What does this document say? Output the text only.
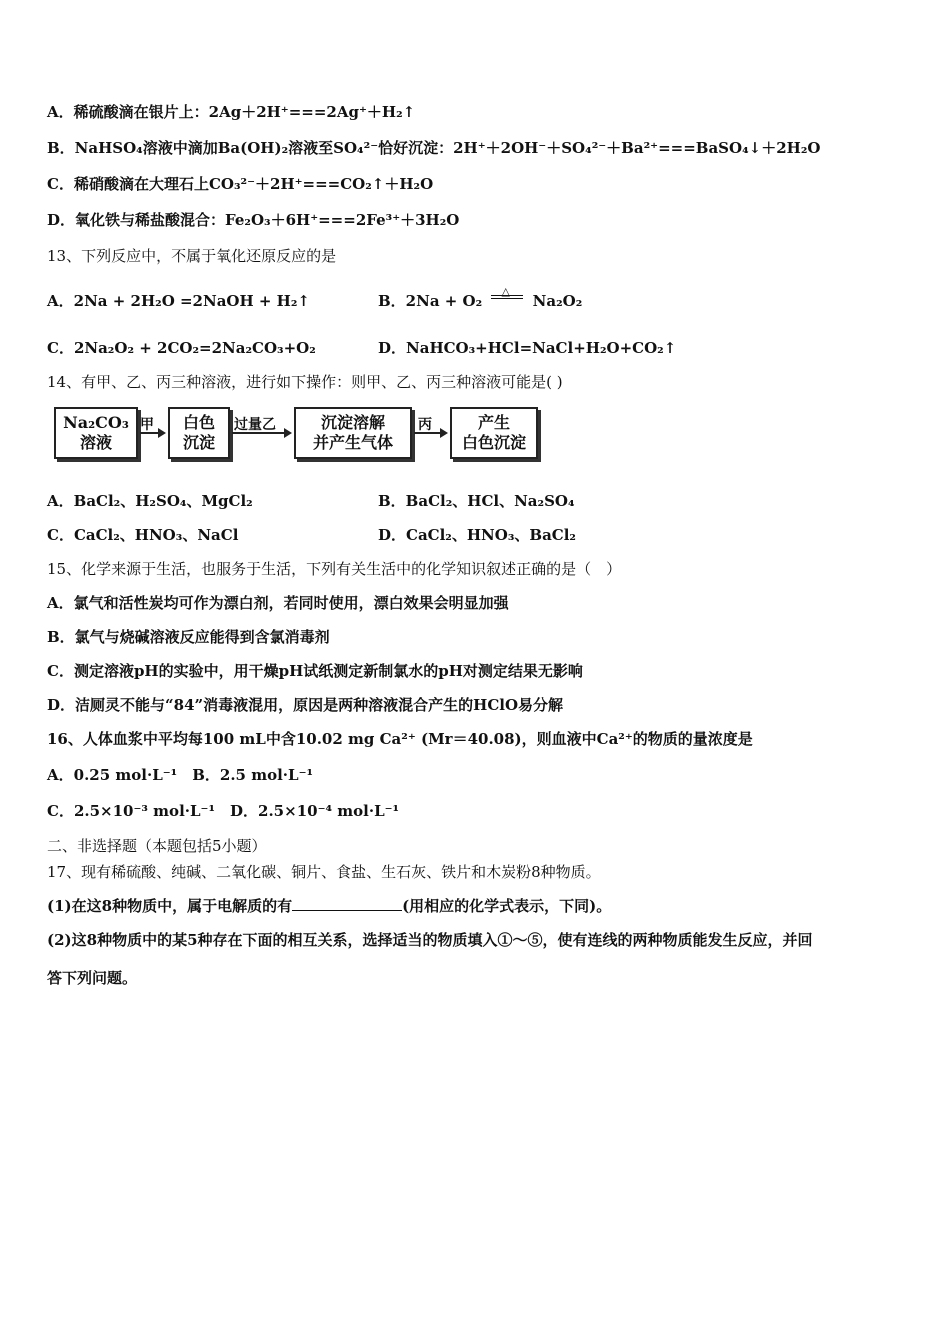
A．稀硫酸滴在银片上：2Ag＋2H⁺===2Ag⁺＋H₂↑
B．NaHSO₄溶液中滴加Ba(OH)₂溶液至SO₄²⁻恰好沉淀：2H⁺＋2OH⁻＋SO₄²⁻＋Ba²⁺===BaSO₄↓＋2H₂O
C．稀硝酸滴在大理石上CO₃²⁻＋2H⁺===CO₂↑＋H₂O
D．氧化铁与稀盐酸混合：Fe₂O₃＋6H⁺===2Fe³⁺＋3H₂O
13、下列反应中，不属于氧化还原反应的是
A．2Na + 2H₂O =2NaOH + H₂↑	B．2Na + O₂
△
Na₂O₂
C．2Na₂O₂ + 2CO₂=2Na₂CO₃+O₂	D．NaHCO₃+HCl=NaCl+H₂O+CO₂↑
14、有甲、乙、丙三种溶液，进行如下操作：则甲、乙、丙三种溶液可能是( )
Na₂CO₃
溶液
甲	白色
沉淀
过量乙	沉淀溶解
并产生气体
丙	产生
白色沉淀
A．BaCl₂、H₂SO₄、MgCl₂	B．BaCl₂、HCl、Na₂SO₄
C．CaCl₂、HNO₃、NaCl	D．CaCl₂、HNO₃、BaCl₂
15、化学来源于生活，也服务于生活，下列有关生活中的化学知识叙述正确的是（　）
A．氯气和活性炭均可作为漂白剂，若同时使用，漂白效果会明显加强
B．氯气与烧碱溶液反应能得到含氯消毒剂
C．测定溶液pH的实验中，用干燥pH试纸测定新制氯水的pH对测定结果无影响
D．洁厕灵不能与“84”消毒液混用，原因是两种溶液混合产生的HClO易分解
16、人体血浆中平均每100 mL中含10.02 mg Ca²⁺ (Mr＝40.08)，则血液中Ca²⁺的物质的量浓度是
A．0.25 mol·L⁻¹　B．2.5 mol·L⁻¹
C．2.5×10⁻³ mol·L⁻¹　D．2.5×10⁻⁴ mol·L⁻¹
二、非选择题（本题包括5小题）
17、现有稀硫酸、纯碱、二氧化碳、铜片、食盐、生石灰、铁片和木炭粉8种物质。
(1)在这8种物质中，属于电解质的有	(用相应的化学式表示，下同)。
(2)这8种物质中的某5种存在下面的相互关系，选择适当的物质填入①～⑤，使有连线的两种物质能发生反应，并回
答下列问题。
